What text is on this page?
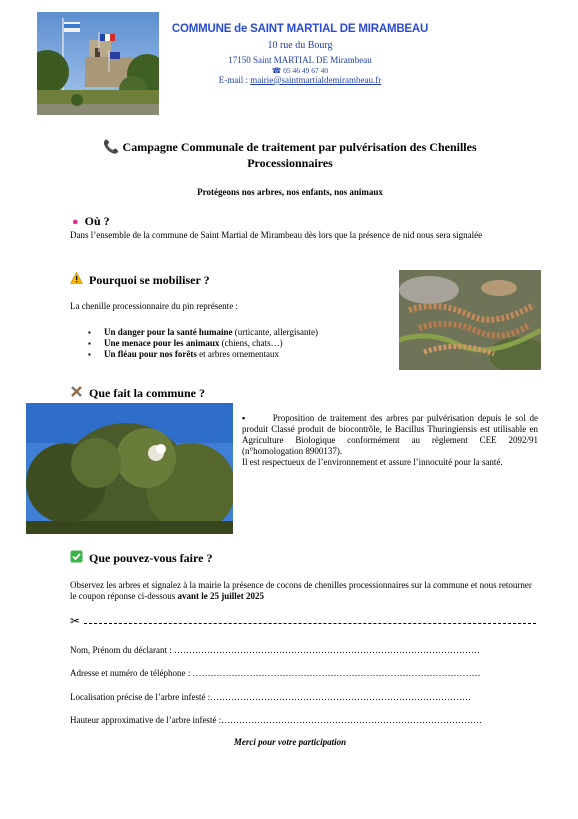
COMMUNE de SAINT MARTIAL DE MIRAMBEAU
10 rue du Bourg
17150 Saint MARTIAL DE Mirambeau
☎ 05 46 49 67 40
E-mail : mairie@saintmartialdemirambeau.fr
📞 Campagne Communale de traitement par pulvérisation des Chenilles
Processionnaires
Protégeons nos arbres, nos enfants, nos animaux
● Où ?
Dans l’ensemble de la commune de Saint Martial de Mirambeau dès lors que la présence de nid nous sera signalée
Pourquoi se mobiliser ?
La chenille processionnaire du pin représente :
▪ Un danger pour la santé humaine (urticante, allergisante)
▪ Une menace pour les animaux (chiens, chats…)
▪ Un fléau pour nos forêts et arbres ornementaux
Que fait la commune ?
▪	Proposition de traitement des arbres par pulvérisation depuis le sol de produit Classé produit de biocontrôle, le Bacillus Thuringiensis est utilisable en Agriculture Biologique conformément au règlement CEE 2092/91 (n°homologation 8900137).
Il est respectueux de l’environnement et assure l’innocuité pour la santé.
Que pouvez-vous faire ?
Observez les arbres et signalez à la mairie la présence de cocons de chenilles processionnaires sur la commune et nous retourner le coupon réponse ci-dessous avant le 25 juillet 2025
✂
Nom, Prénom du déclarant : …………………………………………………………………………………………
Adresse et numéro de téléphone : ……………………………………………………………………………………
Localisation précise de l’arbre infesté :……………………………………………………………………………
Hauteur approximative de l’arbre infesté :……………………………………………………………………………
Merci pour votre participation
